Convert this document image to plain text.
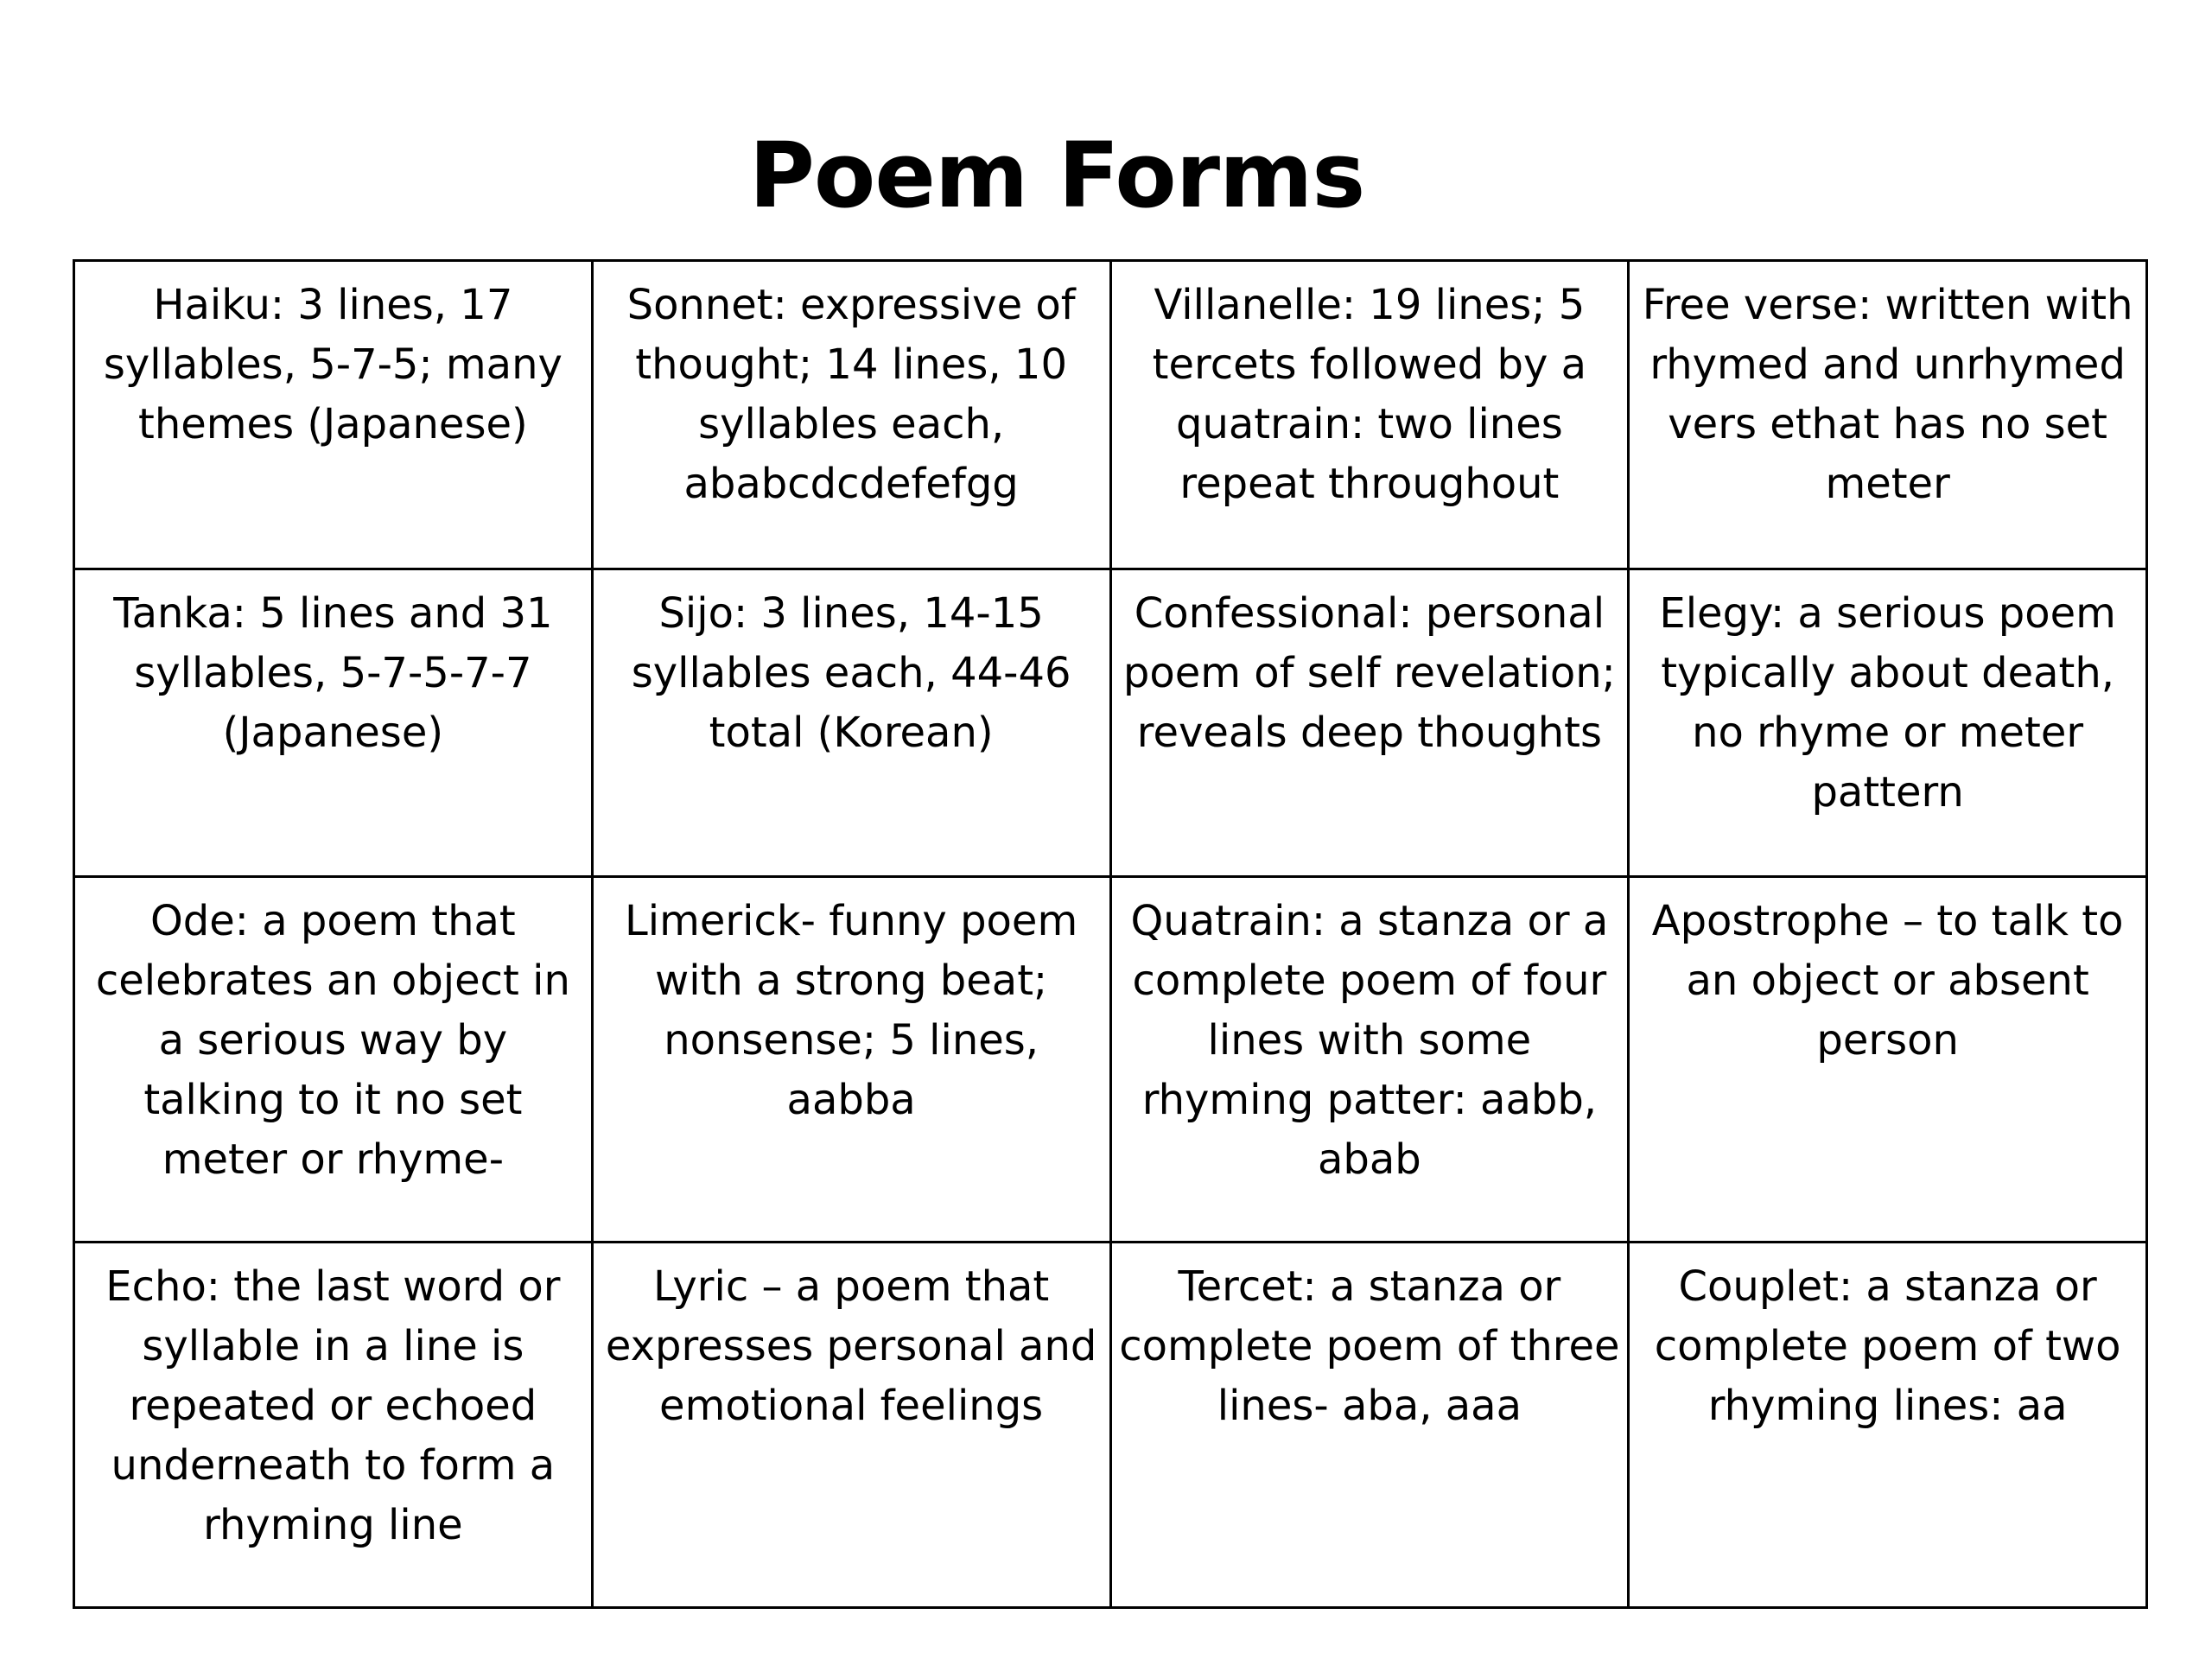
Poem Forms
Haiku: 3 lines, 17 syllables, 5-7-5; many themes (Japanese)	Sonnet: expressive of thought; 14 lines, 10 syllables each, ababcdcdefefgg	Villanelle: 19 lines; 5 tercets followed by a quatrain: two lines repeat throughout	Free verse: written with rhymed and unrhymed vers ethat has no set meter
Tanka: 5 lines and 31 syllables, 5-7-5-7-7 (Japanese)	Sijo: 3 lines, 14-15 syllables each, 44-46 total (Korean)	Confessional: personal poem of self revelation; reveals deep thoughts	Elegy: a serious poem typically about death, no rhyme or meter pattern
Ode: a poem that celebrates an object in a serious way by talking to it no set meter or rhyme-	Limerick- funny poem with a strong beat; nonsense; 5 lines, aabba	Quatrain: a stanza or a complete poem of four lines with some rhyming patter: aabb, abab	Apostrophe – to talk to an object or absent person
Echo: the last word or syllable in a line is repeated or echoed underneath to form a rhyming line	Lyric – a poem that expresses personal and emotional feelings	Tercet: a stanza or complete poem of three lines- aba, aaa	Couplet: a stanza or complete poem of two rhyming lines: aa
